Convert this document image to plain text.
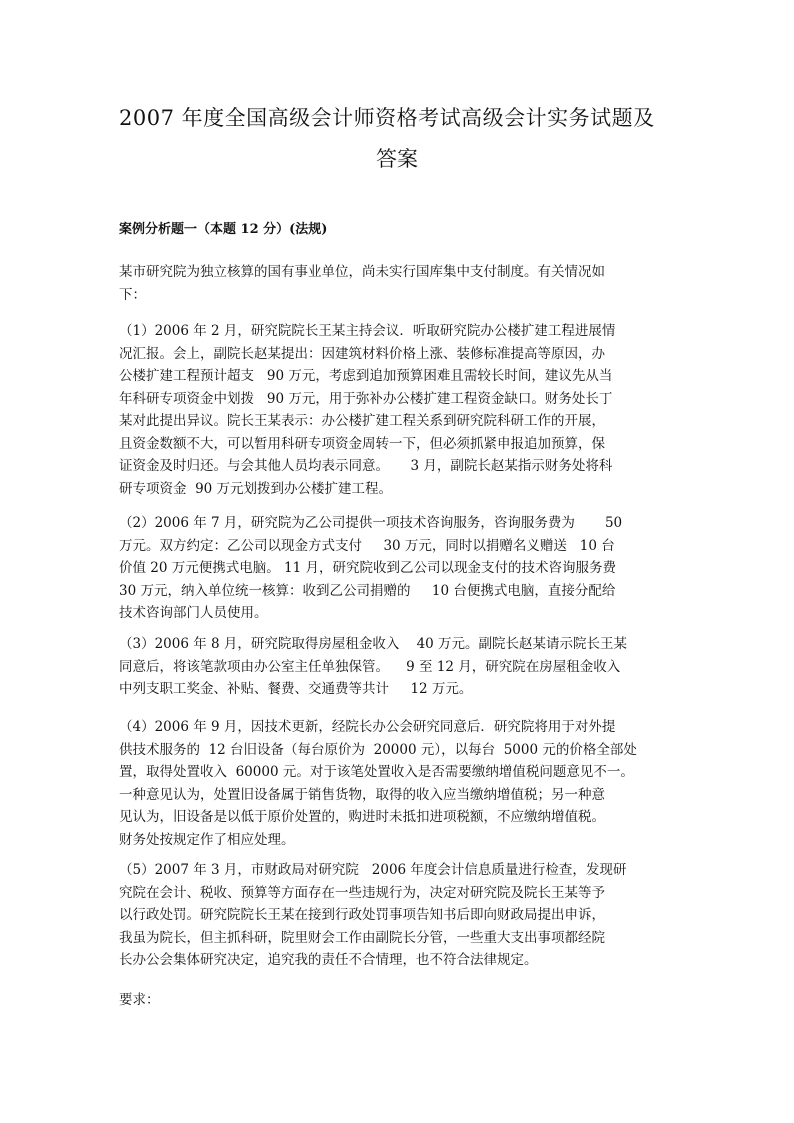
2007 年度全国高级会计师资格考试高级会计实务试题及
答案
案例分析题一（本题 12 分）(法规)
某市研究院为独立核算的国有事业单位，尚未实行国库集中支付制度。有关情况如
下：
（1）2006 年 2 月，研究院院长王某主持会议．听取研究院办公楼扩建工程进展情
况汇报。会上，副院长赵某提出：因建筑材料价格上涨、装修标准提高等原因，办
公楼扩建工程预计超支   90 万元，考虑到追加预算困难且需较长时间，建议先从当
年科研专项资金中划拨   90 万元，用于弥补办公楼扩建工程资金缺口。财务处长丁
某对此提出异议。院长王某表示：办公楼扩建工程关系到研究院科研工作的开展，
且资金数额不大，可以暂用科研专项资金周转一下，但必须抓紧申报追加预算，保
证资金及时归还。与会其他人员均表示同意。     3 月，副院长赵某指示财务处将科
研专项资金  90 万元划拨到办公楼扩建工程。
（2）2006 年 7 月，研究院为乙公司提供一项技术咨询服务，咨询服务费为       50
万元。双方约定：乙公司以现金方式支付     30 万元，同时以捐赠名义赠送   10 台
价值 20 万元便携式电脑。 11 月，研究院收到乙公司以现金支付的技术咨询服务费
30 万元，纳入单位统一核算：收到乙公司捐赠的     10 台便携式电脑，直接分配给
技术咨询部门人员使用。
（3）2006 年 8 月，研究院取得房屋租金收入    40 万元。副院长赵某请示院长王某
同意后，将该笔款项由办公室主任单独保管。    9 至 12 月，研究院在房屋租金收入
中列支职工奖金、补贴、餐费、交通费等共计     12 万元。
（4）2006 年 9 月，因技术更新，经院长办公会研究同意后．研究院将用于对外提
供技术服务的  12 台旧设备（每台原价为  20000 元），以每台  5000 元的价格全部处
置，取得处置收入  60000 元。对于该笔处置收入是否需要缴纳增值税问题意见不一。
一种意见认为，处置旧设备属于销售货物，取得的收入应当缴纳增值税；另一种意
见认为，旧设备是以低于原价处置的，购进时未抵扣进项税额，不应缴纳增值税。
财务处按规定作了相应处理。
（5）2007 年 3 月，市财政局对研究院   2006 年度会计信息质量进行检查，发现研
究院在会计、税收、预算等方面存在一些违规行为，决定对研究院及院长王某等予
以行政处罚。研究院院长王某在接到行政处罚事项告知书后即向财政局提出申诉，
我虽为院长，但主抓科研，院里财会工作由副院长分管，一些重大支出事项都经院
长办公会集体研究决定，追究我的责任不合情理，也不符合法律规定。
要求：
